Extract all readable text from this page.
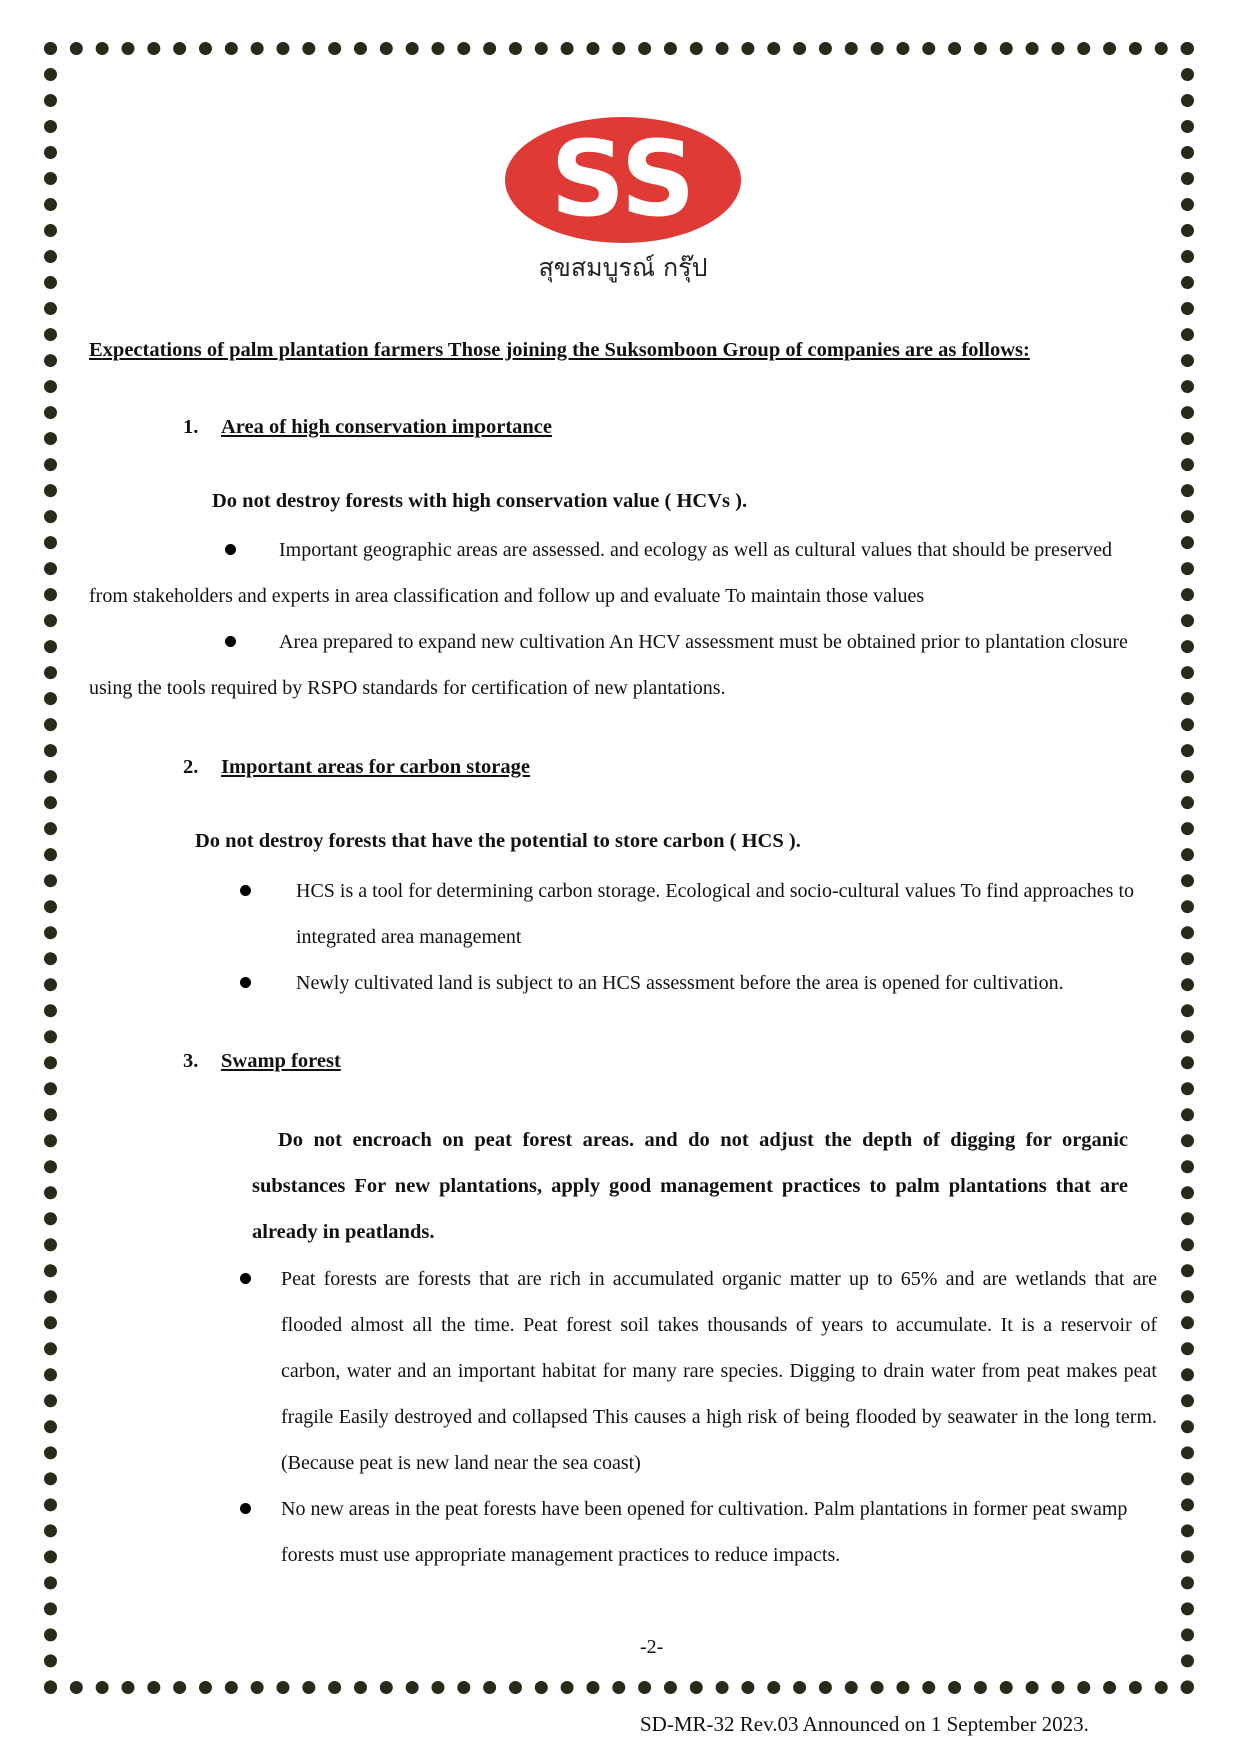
SS
สุขสมบูรณ์ กรุ๊ป
Expectations of palm plantation farmers Those joining the Suksomboon Group of companies are as follows:
1. Area of high conservation importance
Do not destroy forests with high conservation value ( HCVs ).
Important geographic areas are assessed. and ecology as well as cultural values that should be preserved from stakeholders and experts in area classification and follow up and evaluate To maintain those values
Area prepared to expand new cultivation An HCV assessment must be obtained prior to plantation closure using the tools required by RSPO standards for certification of new plantations.
2. Important areas for carbon storage
Do not destroy forests that have the potential to store carbon ( HCS ).
HCS is a tool for determining carbon storage. Ecological and socio-cultural values To find approaches to integrated area management
Newly cultivated land is subject to an HCS assessment before the area is opened for cultivation.
3. Swamp forest
Do not encroach on peat forest areas. and do not adjust the depth of digging for organic substances For new plantations, apply good management practices to palm plantations that are already in peatlands.
Peat forests are forests that are rich in accumulated organic matter up to 65% and are wetlands that are flooded almost all the time. Peat forest soil takes thousands of years to accumulate. It is a reservoir of carbon, water and an important habitat for many rare species. Digging to drain water from peat makes peat fragile Easily destroyed and collapsed This causes a high risk of being flooded by seawater in the long term. (Because peat is new land near the sea coast)
No new areas in the peat forests have been opened for cultivation. Palm plantations in former peat swamp forests must use appropriate management practices to reduce impacts.
-2-
SD-MR-32 Rev.03 Announced on 1 September 2023.
